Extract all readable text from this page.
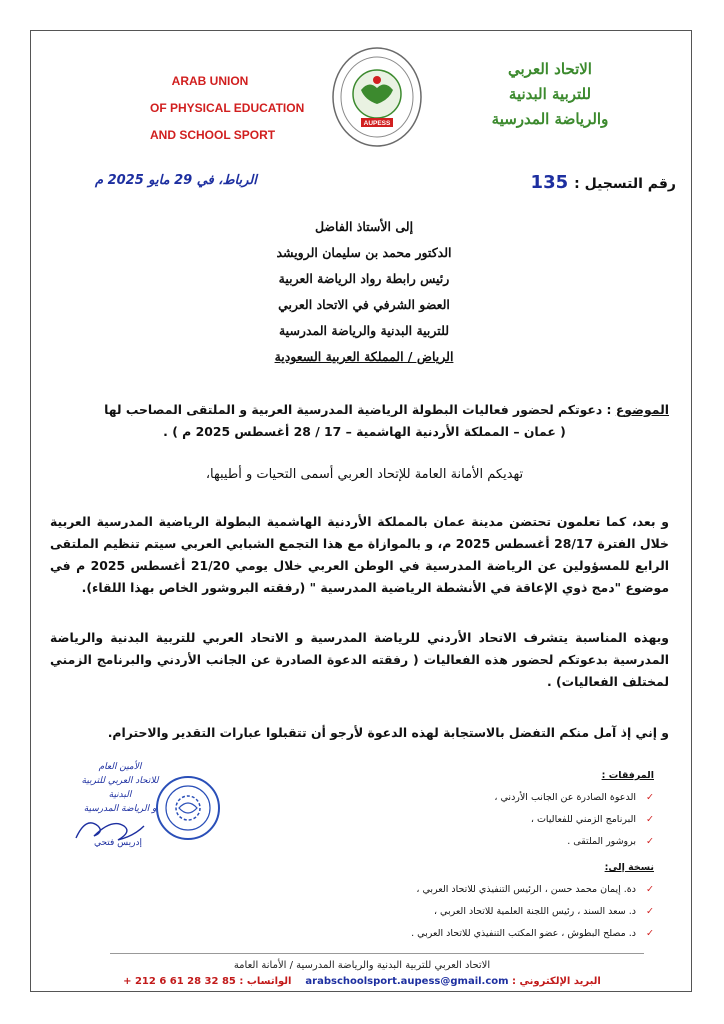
ARAB UNION
OF PHYSICAL EDUCATION
AND SCHOOL SPORT
AUPESS
الاتحاد العربي
للتربية البدنية
والرياضة المدرسية
رقم التسجيل :135
الرباط، في 29 مايو 2025 م
إلى الأستاذ الفاضل
الدكتور محمد بن سليمان الرويشد
رئيس رابطة رواد الرياضة العربية
العضو الشرفي في الاتحاد العربي
للتربية البدنية والرياضة المدرسية
الرياض / المملكة العربية السعودية
الموضوع : دعوتكم لحضور فعاليات البطولة الرياضية المدرسية العربية و الملتقى المصاحب لها
( عمان – المملكة الأردنية الهاشمية – 17 / 28 أغسطس 2025 م ) .
تهديكم الأمانة العامة للإتحاد العربي أسمى التحيات و أطيبها،
و بعد، كما تعلمون تحتضن مدينة عمان بالمملكة الأردنية الهاشمية البطولة الرياضية المدرسية العربية خلال الفترة 28/17 أغسطس 2025 م، و بالموازاة مع هذا التجمع الشبابي العربي سيتم تنظيم الملتقى الرابع للمسؤولين عن الرياضة المدرسية في الوطن العربي خلال يومي 21/20 أغسطس 2025 م في موضوع "دمج ذوي الإعاقة في الأنشطة الرياضية المدرسية " (رفقته البروشور الخاص بهذا اللقاء).
وبهذه المناسبة يتشرف الاتحاد الأردني للرياضة المدرسية و الاتحاد العربي للتربية البدنية والرياضة المدرسية بدعوتكم لحضور هذه الفعاليات ( رفقته الدعوة الصادرة عن الجانب الأردني والبرنامج الزمني لمختلف الفعاليات) .
و إني إذ آمل منكم التفضل بالاستجابة لهذه الدعوة لأرجو أن تتقبلوا عبارات التقدير والاحترام.
الأمين العام
للاتحاد العربي للتربية البدنية
و الرياضة المدرسية
إدريس فتحي
المرفقات :
✓
الدعوة الصادرة عن الجانب الأردني ،
✓
البرنامج الزمني للفعاليات ،
✓
بروشور الملتقى .
نسخة إلى:
✓
دة. إيمان محمد حسن ، الرئيس التنفيذي للاتحاد العربي ،
✓
د. سعد السند ، رئيس اللجنة العلمية للاتحاد العربي ،
✓
د. مصلح البطوش ، عضو المكتب التنفيذي للاتحاد العربي .
الاتحاد العربي للتربية البدنية والرياضة المدرسية / الأمانة العامة
البريد الإلكتروني : arabschoolsport.aupess@gmail.com    الواتساب : + 212 6 61 28 32 85
